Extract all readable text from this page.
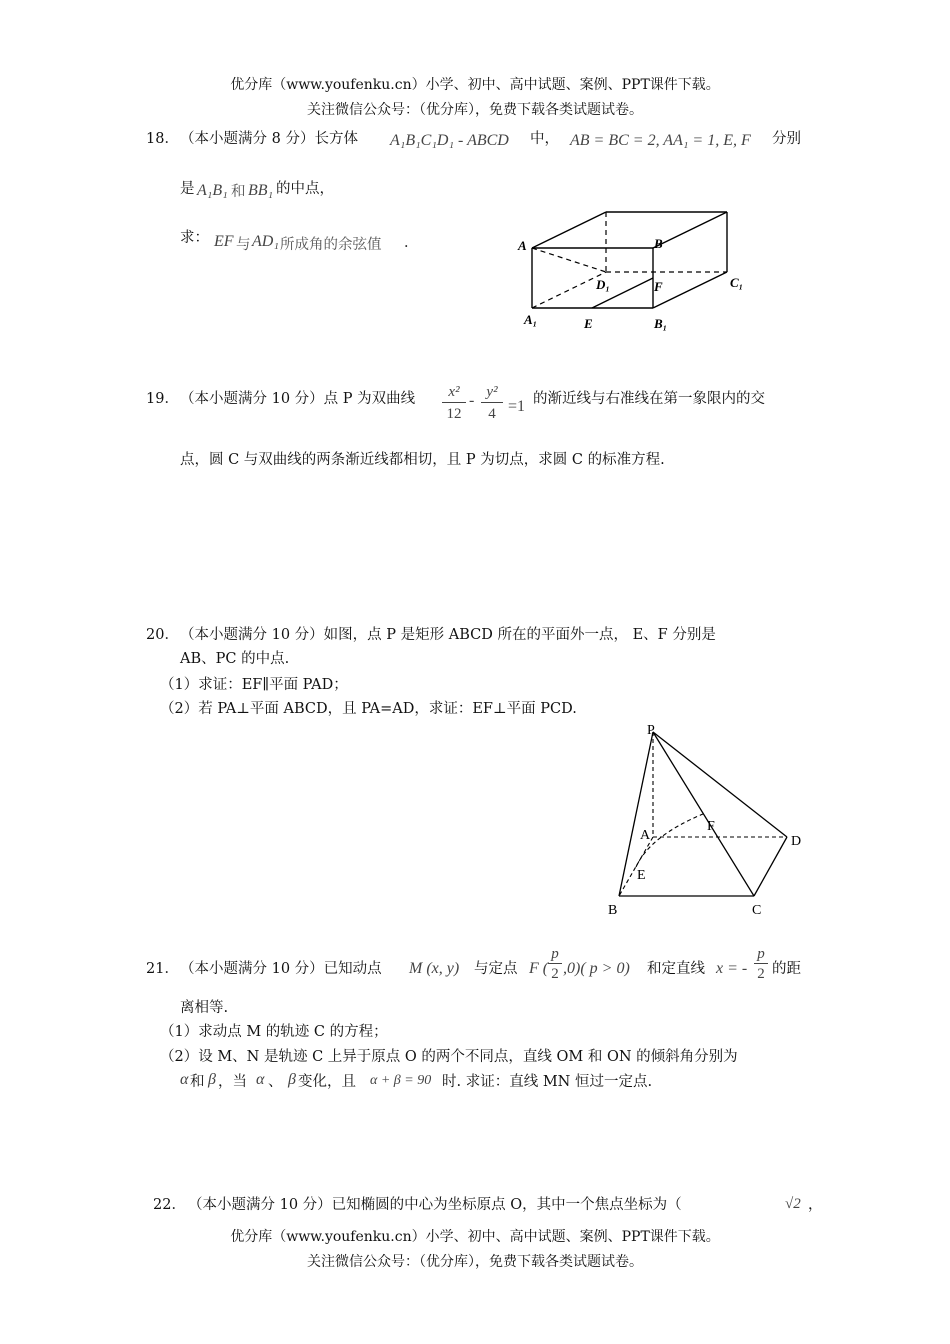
优分库（www.youfenku.cn）小学、初中、高中试题、案例、PPT课件下载。
关注微信公众号：（优分库），免费下载各类试题试卷。
18． （本小题满分 8 分）长方体 A₁B₁C₁D₁ - ABCD 中， AB = BC = 2, AA₁ = 1, E, F 分别
是 A₁B₁ 和 BB₁ 的中点，
求： EF 与 AD₁ 所成角的余弦值 ．	A	B
C₁
D₁	F
A₁	E	B₁
19． （本小题满分 10 分）点 P 为双曲线 $\frac{\text{x²}}{12} - \frac{\text{y²}}{4} =1$ 的渐近线与右准线在第一象限内的交
点，圆 C 与双曲线的两条渐近线都相切，且 P 为切点，求圆 C 的标准方程.
20． （本小题满分 10 分）如图，点 P 是矩形 ABCD 所在的平面外一点， E、F 分别是
AB、PC 的中点.
（1）求证：EF∥平面 PAD；
（2）若 PA⊥平面 ABCD，且 PA=AD，求证：EF⊥平面 PCD.
P
A
F
D
E
B	C
21． （本小题满分 10 分）已知动点 M (x, y) 与定点 F ( $\frac{p}{2} ,0$)( p > 0) 和定直线 x = - $\frac{p}{2}$ 的距
离相等.
（1）求动点 M 的轨迹 C 的方程；
（2）设 M、N 是轨迹 C 上异于原点 O 的两个不同点，直线 OM 和 ON 的倾斜角分别为
α 和 β ，当 α 、 β 变化，且 α + β = 90 时. 求证：直线 MN 恒过一定点.
22． （本小题满分 10 分）已知椭圆的中心为坐标原点 O，其中一个焦点坐标为（	√2 ，
优分库（www.youfenku.cn）小学、初中、高中试题、案例、PPT课件下载。
关注微信公众号：（优分库），免费下载各类试题试卷。
